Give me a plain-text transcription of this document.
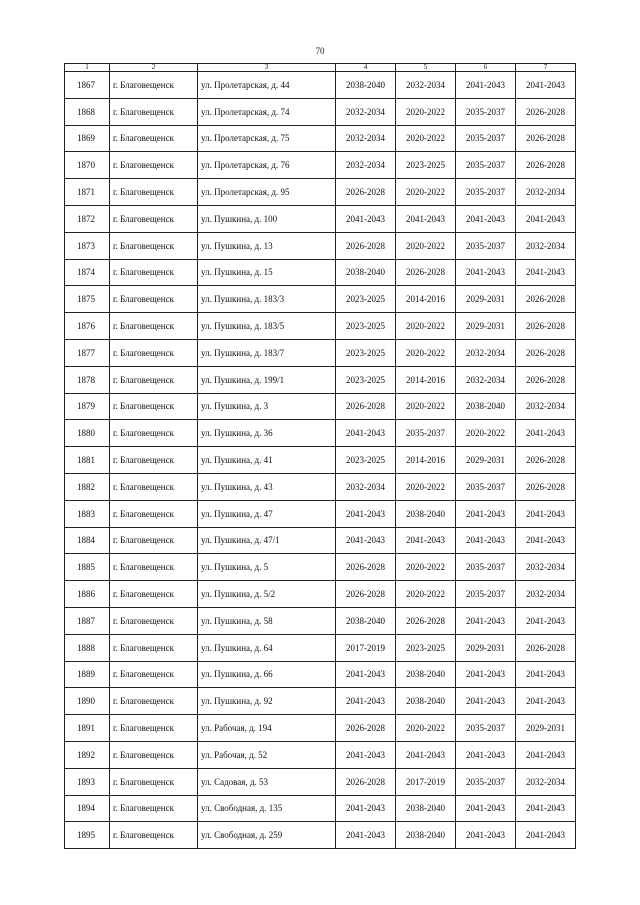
70
1	2	3	4	5	6	7
1867	г. Благовещенск	ул. Пролетарская, д. 44	2038-2040	2032-2034	2041-2043	2041-2043
1868	г. Благовещенск	ул. Пролетарская, д. 74	2032-2034	2020-2022	2035-2037	2026-2028
1869	г. Благовещенск	ул. Пролетарская, д. 75	2032-2034	2020-2022	2035-2037	2026-2028
1870	г. Благовещенск	ул. Пролетарская, д. 76	2032-2034	2023-2025	2035-2037	2026-2028
1871	г. Благовещенск	ул. Пролетарская, д. 95	2026-2028	2020-2022	2035-2037	2032-2034
1872	г. Благовещенск	ул. Пушкина, д. 100	2041-2043	2041-2043	2041-2043	2041-2043
1873	г. Благовещенск	ул. Пушкина, д. 13	2026-2028	2020-2022	2035-2037	2032-2034
1874	г. Благовещенск	ул. Пушкина, д. 15	2038-2040	2026-2028	2041-2043	2041-2043
1875	г. Благовещенск	ул. Пушкина, д. 183/3	2023-2025	2014-2016	2029-2031	2026-2028
1876	г. Благовещенск	ул. Пушкина, д. 183/5	2023-2025	2020-2022	2029-2031	2026-2028
1877	г. Благовещенск	ул. Пушкина, д. 183/7	2023-2025	2020-2022	2032-2034	2026-2028
1878	г. Благовещенск	ул. Пушкина, д. 199/1	2023-2025	2014-2016	2032-2034	2026-2028
1879	г. Благовещенск	ул. Пушкина, д. 3	2026-2028	2020-2022	2038-2040	2032-2034
1880	г. Благовещенск	ул. Пушкина, д. 36	2041-2043	2035-2037	2020-2022	2041-2043
1881	г. Благовещенск	ул. Пушкина, д. 41	2023-2025	2014-2016	2029-2031	2026-2028
1882	г. Благовещенск	ул. Пушкина, д. 43	2032-2034	2020-2022	2035-2037	2026-2028
1883	г. Благовещенск	ул. Пушкина, д. 47	2041-2043	2038-2040	2041-2043	2041-2043
1884	г. Благовещенск	ул. Пушкина, д. 47/1	2041-2043	2041-2043	2041-2043	2041-2043
1885	г. Благовещенск	ул. Пушкина, д. 5	2026-2028	2020-2022	2035-2037	2032-2034
1886	г. Благовещенск	ул. Пушкина, д. 5/2	2026-2028	2020-2022	2035-2037	2032-2034
1887	г. Благовещенск	ул. Пушкина, д. 58	2038-2040	2026-2028	2041-2043	2041-2043
1888	г. Благовещенск	ул. Пушкина, д. 64	2017-2019	2023-2025	2029-2031	2026-2028
1889	г. Благовещенск	ул. Пушкина, д. 66	2041-2043	2038-2040	2041-2043	2041-2043
1890	г. Благовещенск	ул. Пушкина, д. 92	2041-2043	2038-2040	2041-2043	2041-2043
1891	г. Благовещенск	ул. Рабочая, д. 194	2026-2028	2020-2022	2035-2037	2029-2031
1892	г. Благовещенск	ул. Рабочая, д. 52	2041-2043	2041-2043	2041-2043	2041-2043
1893	г. Благовещенск	ул. Садовая, д. 53	2026-2028	2017-2019	2035-2037	2032-2034
1894	г. Благовещенск	ул. Свободная, д. 135	2041-2043	2038-2040	2041-2043	2041-2043
1895	г. Благовещенск	ул. Свободная, д. 259	2041-2043	2038-2040	2041-2043	2041-2043
